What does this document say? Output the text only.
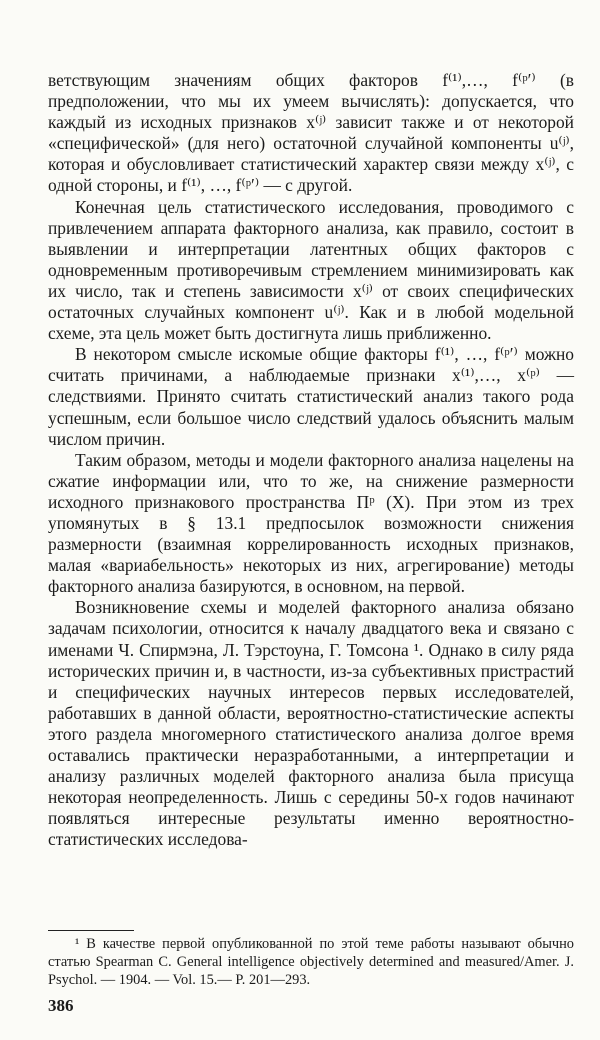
ветствующим значениям общих факторов f⁽¹⁾,…, f⁽ᵖ′⁾ (в предположении, что мы их умеем вычислять): допускается, что каждый из исходных признаков x⁽ʲ⁾ зависит также и от некоторой «специфической» (для него) остаточной случайной компоненты u⁽ʲ⁾, которая и обусловливает статистический характер связи между x⁽ʲ⁾, с одной стороны, и f⁽¹⁾, …, f⁽ᵖ′⁾ — с другой.

Конечная цель статистического исследования, проводимого с привлечением аппарата факторного анализа, как правило, состоит в выявлении и интерпретации латентных общих факторов с одновременным противоречивым стремлением минимизировать как их число, так и степень зависимости x⁽ʲ⁾ от своих специфических остаточных случайных компонент u⁽ʲ⁾. Как и в любой модельной схеме, эта цель может быть достигнута лишь приближенно.

В некотором смысле искомые общие факторы f⁽¹⁾, …, f⁽ᵖ′⁾ можно считать причинами, а наблюдаемые признаки x⁽¹⁾,…, x⁽ᵖ⁾ — следствиями. Принято считать статистический анализ такого рода успешным, если большое число следствий удалось объяснить малым числом причин.

Таким образом, методы и модели факторного анализа нацелены на сжатие информации или, что то же, на снижение размерности исходного признакового пространства Пᵖ (X). При этом из трех упомянутых в § 13.1 предпосылок возможности снижения размерности (взаимная коррелированность исходных признаков, малая «вариабельность» некоторых из них, агрегирование) методы факторного анализа базируются, в основном, на первой.

Возникновение схемы и моделей факторного анализа обязано задачам психологии, относится к началу двадцатого века и связано с именами Ч. Спирмэна, Л. Тэрстоуна, Г. Томсона ¹. Однако в силу ряда исторических причин и, в частности, из-за субъективных пристрастий и специфических научных интересов первых исследователей, работавших в данной области, вероятностно-статистические аспекты этого раздела многомерного статистического анализа долгое время оставались практически неразработанными, а интерпретации и анализу различных моделей факторного анализа была присуща некоторая неопределенность. Лишь с середины 50-х годов начинают появляться интересные результаты именно вероятностно-статистических исследова-

¹ В качестве первой опубликованной по этой теме работы называют обычно статью Spearman C. General intelligence objectively determined and measured/Amer. J. Psychol. — 1904. — Vol. 15.— P. 201—293.

386
